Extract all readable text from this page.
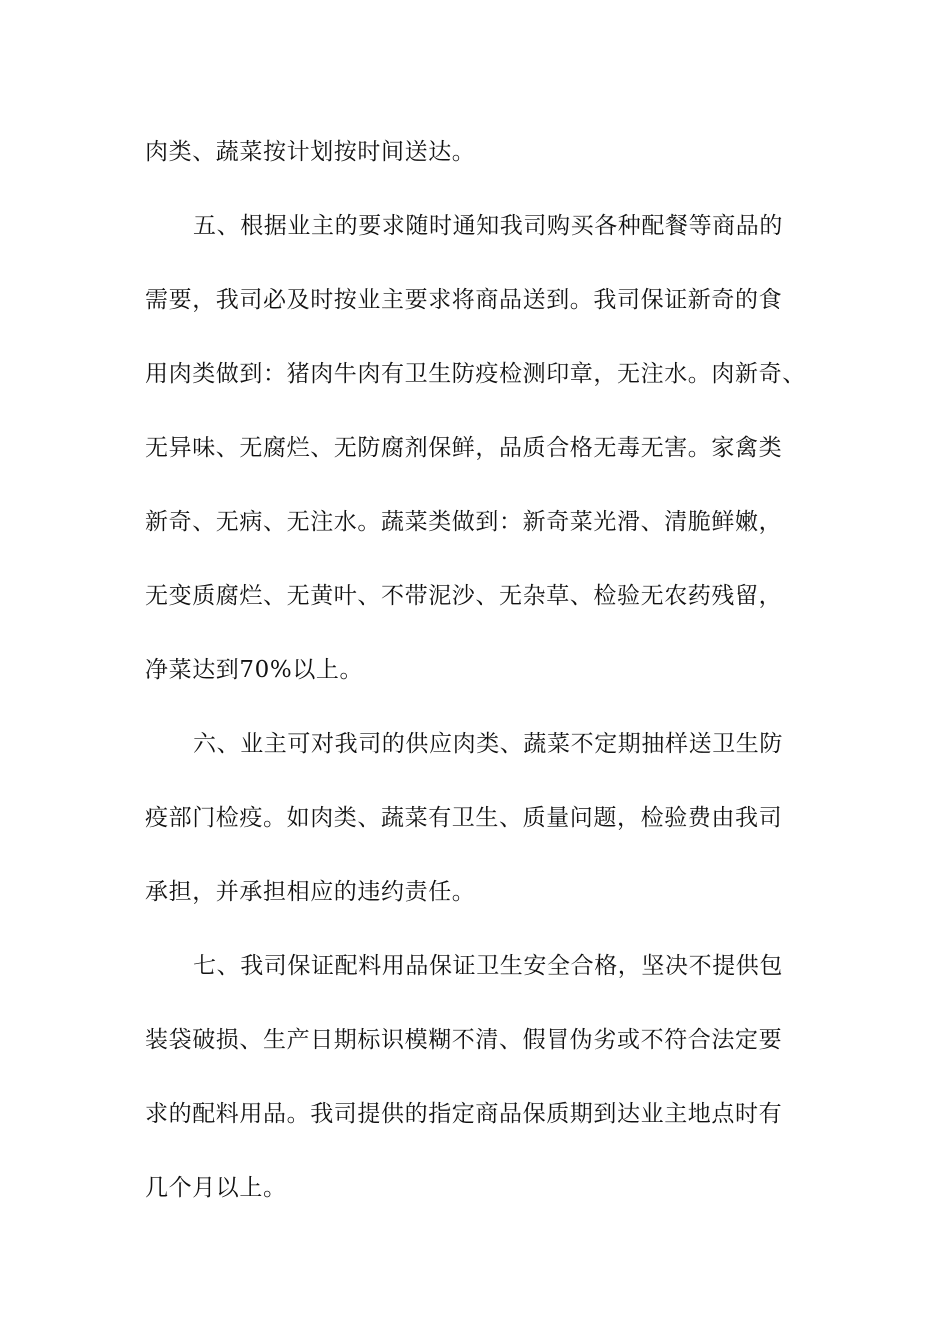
肉类、蔬菜按计划按时间送达。
五、根据业主的要求随时通知我司购买各种配餐等商品的
需要，我司必及时按业主要求将商品送到。我司保证新奇的食
用肉类做到：猪肉牛肉有卫生防疫检测印章，无注水。肉新奇、
无异味、无腐烂、无防腐剂保鲜，品质合格无毒无害。家禽类
新奇、无病、无注水。蔬菜类做到：新奇菜光滑、清脆鲜嫩，
无变质腐烂、无黄叶、不带泥沙、无杂草、检验无农药残留，
净菜达到70%以上。
六、业主可对我司的供应肉类、蔬菜不定期抽样送卫生防
疫部门检疫。如肉类、蔬菜有卫生、质量问题，检验费由我司
承担，并承担相应的违约责任。
七、我司保证配料用品保证卫生安全合格，坚决不提供包
装袋破损、生产日期标识模糊不清、假冒伪劣或不符合法定要
求的配料用品。我司提供的指定商品保质期到达业主地点时有
几个月以上。
